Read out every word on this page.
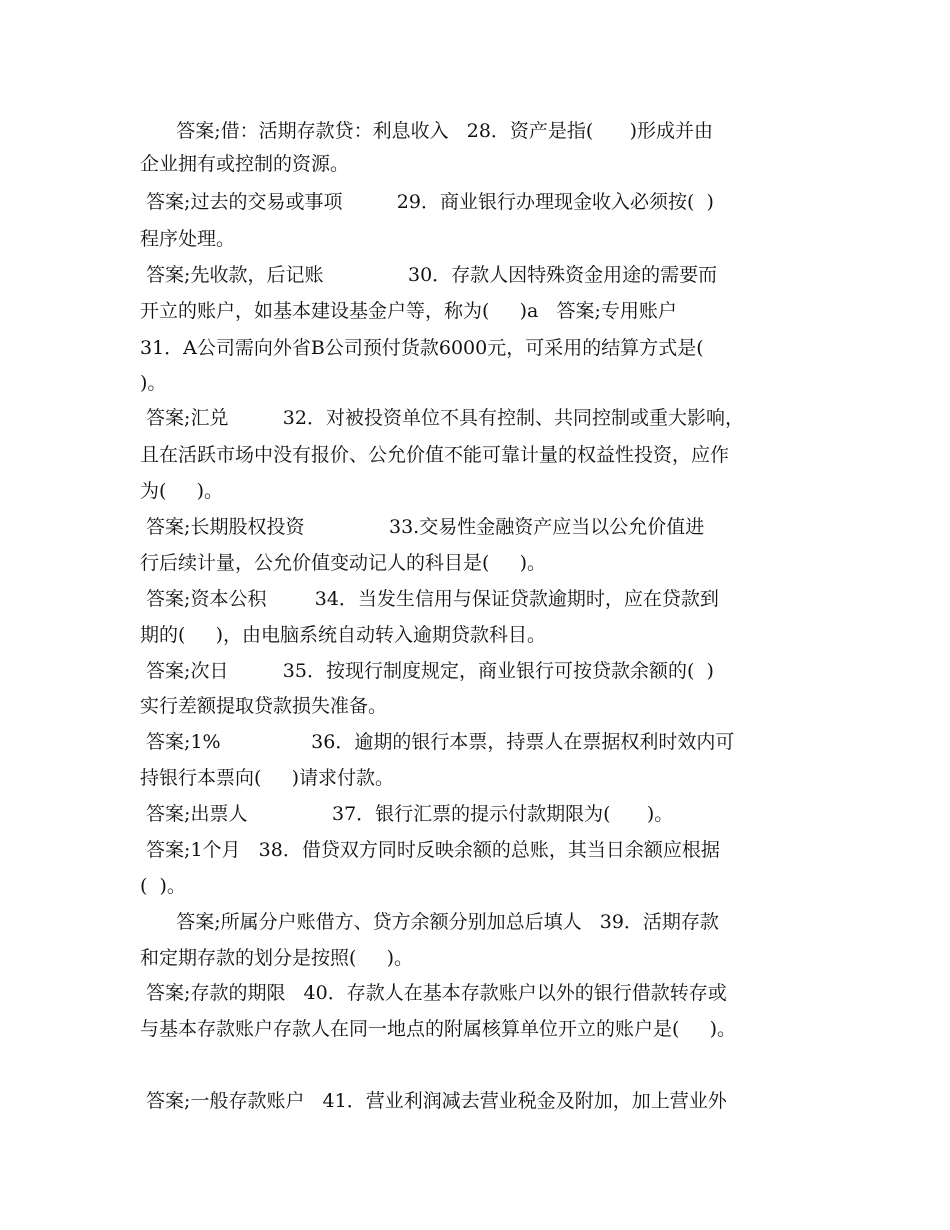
答案;借：活期存款贷：利息收入   28．资产是指(      )形成并由
企业拥有或控制的资源。
答案;过去的交易或事项         29．商业银行办理现金收入必须按(  )
程序处理。
答案;先收款，后记账              30．存款人因特殊资金用途的需要而
开立的账户，如基本建设基金户等，称为(     )a   答案;专用账户
31．A公司需向外省B公司预付货款6000元，可采用的结算方式是(
)。
答案;汇兑         32．对被投资单位不具有控制、共同控制或重大影响，
且在活跃市场中没有报价、公允价值不能可靠计量的权益性投资，应作
为(     )。
答案;长期股权投资              33.交易性金融资产应当以公允价值进
行后续计量，公允价值变动记人的科目是(     )。
答案;资本公积        34．当发生信用与保证贷款逾期时，应在贷款到
期的(     )，由电脑系统自动转入逾期贷款科目。
答案;次日         35．按现行制度规定，商业银行可按贷款余额的(  )
实行差额提取贷款损失准备。
答案;1%               36．逾期的银行本票，持票人在票据权利时效内可
持银行本票向(     )请求付款。
答案;出票人              37．银行汇票的提示付款期限为(      )。
答案;1个月   38．借贷双方同时反映余额的总账，其当日余额应根据
(  )。
答案;所属分户账借方、贷方余额分别加总后填人   39．活期存款
和定期存款的划分是按照(     )。
答案;存款的期限   40．存款人在基本存款账户以外的银行借款转存或
与基本存款账户存款人在同一地点的附属核算单位开立的账户是(     )。
答案;一般存款账户   41．营业利润减去营业税金及附加，加上营业外
